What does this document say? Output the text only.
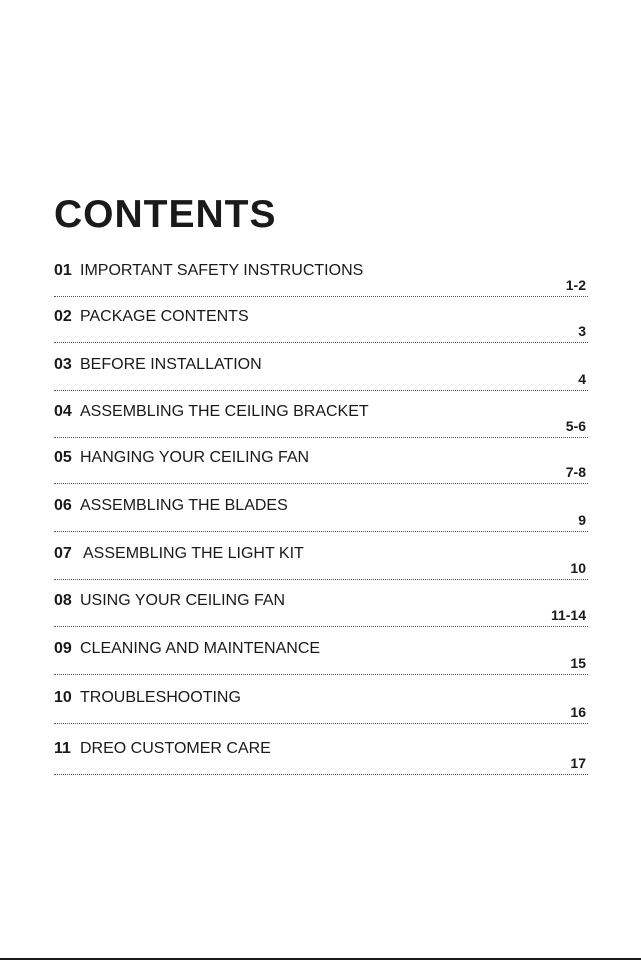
CONTENTS
01 IMPORTANT SAFETY INSTRUCTIONS
1-2
02 PACKAGE CONTENTS
3
03 BEFORE INSTALLATION
4
04 ASSEMBLING THE CEILING BRACKET
5-6
05 HANGING YOUR CEILING FAN
7-8
06 ASSEMBLING THE BLADES
9
07 ASSEMBLING THE LIGHT KIT
10
08 USING YOUR CEILING FAN
11-14
09 CLEANING AND MAINTENANCE
15
10 TROUBLESHOOTING
16
11 DREO CUSTOMER CARE
17
